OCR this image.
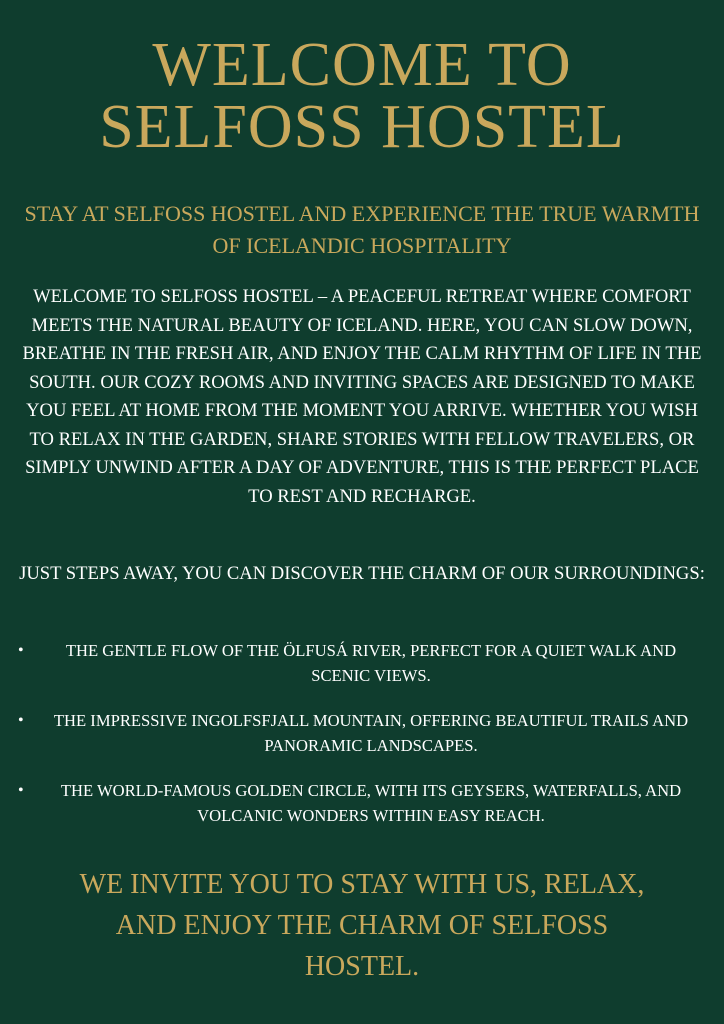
WELCOME TO
SELFOSS HOSTEL

STAY AT SELFOSS HOSTEL AND EXPERIENCE THE TRUE WARMTH OF ICELANDIC HOSPITALITY

WELCOME TO SELFOSS HOSTEL – A PEACEFUL RETREAT WHERE COMFORT MEETS THE NATURAL BEAUTY OF ICELAND. HERE, YOU CAN SLOW DOWN, BREATHE IN THE FRESH AIR, AND ENJOY THE CALM RHYTHM OF LIFE IN THE SOUTH. OUR COZY ROOMS AND INVITING SPACES ARE DESIGNED TO MAKE YOU FEEL AT HOME FROM THE MOMENT YOU ARRIVE. WHETHER YOU WISH TO RELAX IN THE GARDEN, SHARE STORIES WITH FELLOW TRAVELERS, OR SIMPLY UNWIND AFTER A DAY OF ADVENTURE, THIS IS THE PERFECT PLACE TO REST AND RECHARGE.

JUST STEPS AWAY, YOU CAN DISCOVER THE CHARM OF OUR SURROUNDINGS:

•	THE GENTLE FLOW OF THE ÖLFUSÁ RIVER, PERFECT FOR A QUIET WALK AND SCENIC VIEWS.
• THE IMPRESSIVE INGOLFSFJALL MOUNTAIN, OFFERING BEAUTIFUL TRAILS AND PANORAMIC LANDSCAPES.
• THE WORLD-FAMOUS GOLDEN CIRCLE, WITH ITS GEYSERS, WATERFALLS, AND VOLCANIC WONDERS WITHIN EASY REACH.

WE INVITE YOU TO STAY WITH US, RELAX, AND ENJOY THE CHARM OF SELFOSS HOSTEL.
